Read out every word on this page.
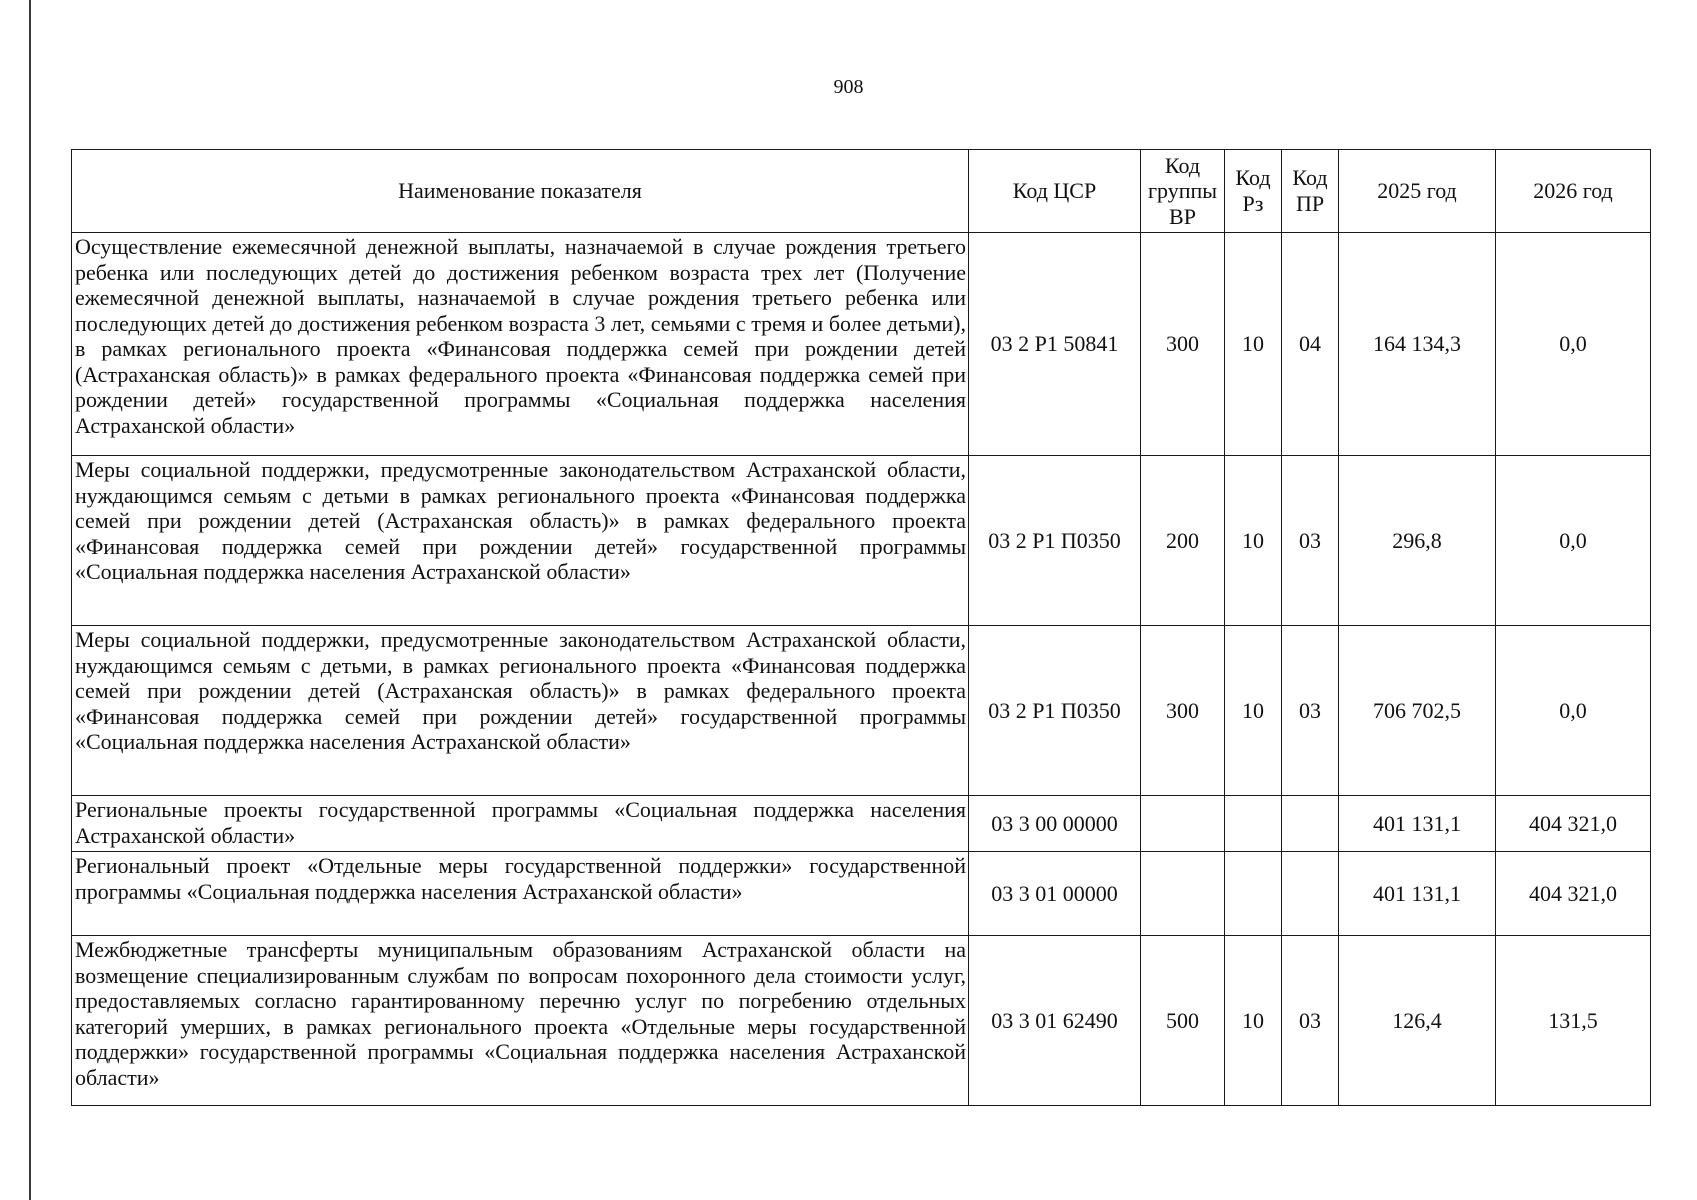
908
Наименование показателя	Код ЦСР	Код группы ВР	Код Рз	Код ПР	2025 год	2026 год
Осуществление ежемесячной денежной выплаты, назначаемой в случае рождения третьего ребенка или последующих детей до достижения ребенком возраста трех лет (Получение ежемесячной денежной выплаты, назначаемой в случае рождения третьего ребенка или последующих детей до достижения ребенком возраста 3 лет, семьями с тремя и более детьми), в рамках регионального проекта «Финансовая поддержка семей при рождении детей (Астраханская область)» в рамках федерального проекта «Финансовая поддержка семей при рождении детей» государственной программы «Социальная поддержка населения Астраханской области»	03 2 Р1 50841	300	10	04	164 134,3	0,0
Меры социальной поддержки, предусмотренные законодательством Астраханской области, нуждающимся семьям с детьми в рамках регионального проекта «Финансовая поддержка семей при рождении детей (Астраханская область)» в рамках федерального проекта «Финансовая поддержка семей при рождении детей» государственной программы «Социальная поддержка населения Астраханской области»	03 2 Р1 П0350	200	10	03	296,8	0,0
Меры социальной поддержки, предусмотренные законодательством Астраханской области, нуждающимся семьям с детьми, в рамках регионального проекта «Финансовая поддержка семей при рождении детей (Астраханская область)» в рамках федерального проекта «Финансовая поддержка семей при рождении детей» государственной программы «Социальная поддержка населения Астраханской области»	03 2 Р1 П0350	300	10	03	706 702,5	0,0
Региональные проекты государственной программы «Социальная поддержка населения Астраханской области»	03 3 00 00000				401 131,1	404 321,0
Региональный проект «Отдельные меры государственной поддержки» государственной программы «Социальная поддержка населения Астраханской области»	03 3 01 00000				401 131,1	404 321,0
Межбюджетные трансферты муниципальным образованиям Астраханской области на возмещение специализированным службам по вопросам похоронного дела стоимости услуг, предоставляемых согласно гарантированному перечню услуг по погребению отдельных категорий умерших, в рамках регионального проекта «Отдельные меры государственной поддержки» государственной программы «Социальная поддержка населения Астраханской области»	03 3 01 62490	500	10	03	126,4	131,5
